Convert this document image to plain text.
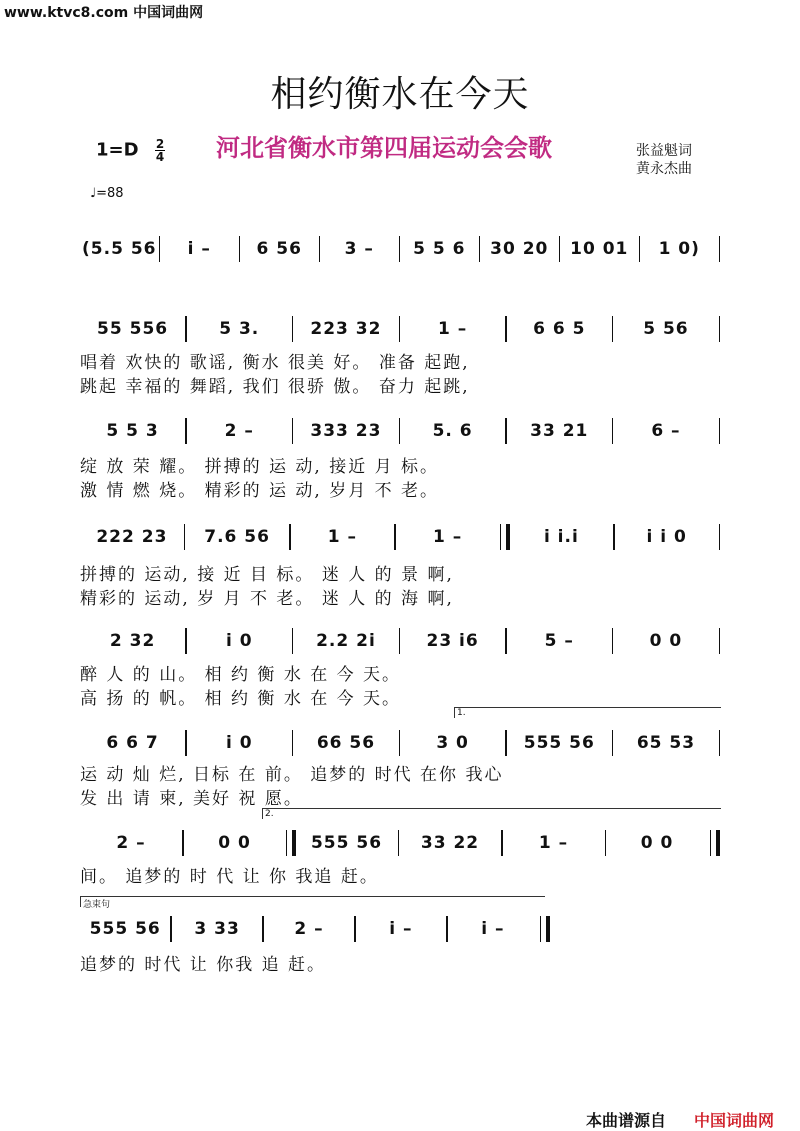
www.ktvc8.com 中国词曲网
相约衡水在今天
$1=D \frac{2}{4}$ 河北省衡水市第四届运动会会歌	张益魁词
黄永杰曲
♩=88
(5.5 56	i –	6 56	3 –	5 5 6	30 20	10 01	1 0)
55 556	5 3.	223 32	1 –	6 6 5	5 56
唱着 欢快的 歌谣, 衡水 很美 好。 准备 起跑,
跳起 幸福的 舞蹈, 我们 很骄 傲。 奋力 起跳,
5 5 3	2 –	333 23	5. 6	33 21	6 –
绽 放 荣 耀。 拼搏的 运 动, 接近 月 标。
激 情 燃 烧。 精彩的 运 动, 岁月 不 老。
222 23	7.6 56	1 –	1 –	i i.i	i i 0
拼搏的 运动, 接 近 目 标。 迷 人 的 景 啊,
精彩的 运动, 岁 月 不 老。 迷 人 的 海 啊,
2 32	i 0	2.2 2i	23 i6	5 –	0 0
醉 人 的 山。 相 约 衡 水 在 今 天。
高 扬 的 帆。 相 约 衡 水 在 今 天。
1.
6 6 7	i 0	66 56	3 0	555 56	65 53
运 动 灿 烂, 日标 在 前。 追梦的 时代 在你 我心
发 出 请 柬, 美好 祝 愿。
2.
2 –	0 0	555 56	33 22	1 –	0 0
间。 追梦的 时 代 让 你 我追 赶。
急束句
555 56	3 33	2 –	i –	i –
追梦的 时代 让 你我 追 赶。
本曲谱源自 中国词曲网
